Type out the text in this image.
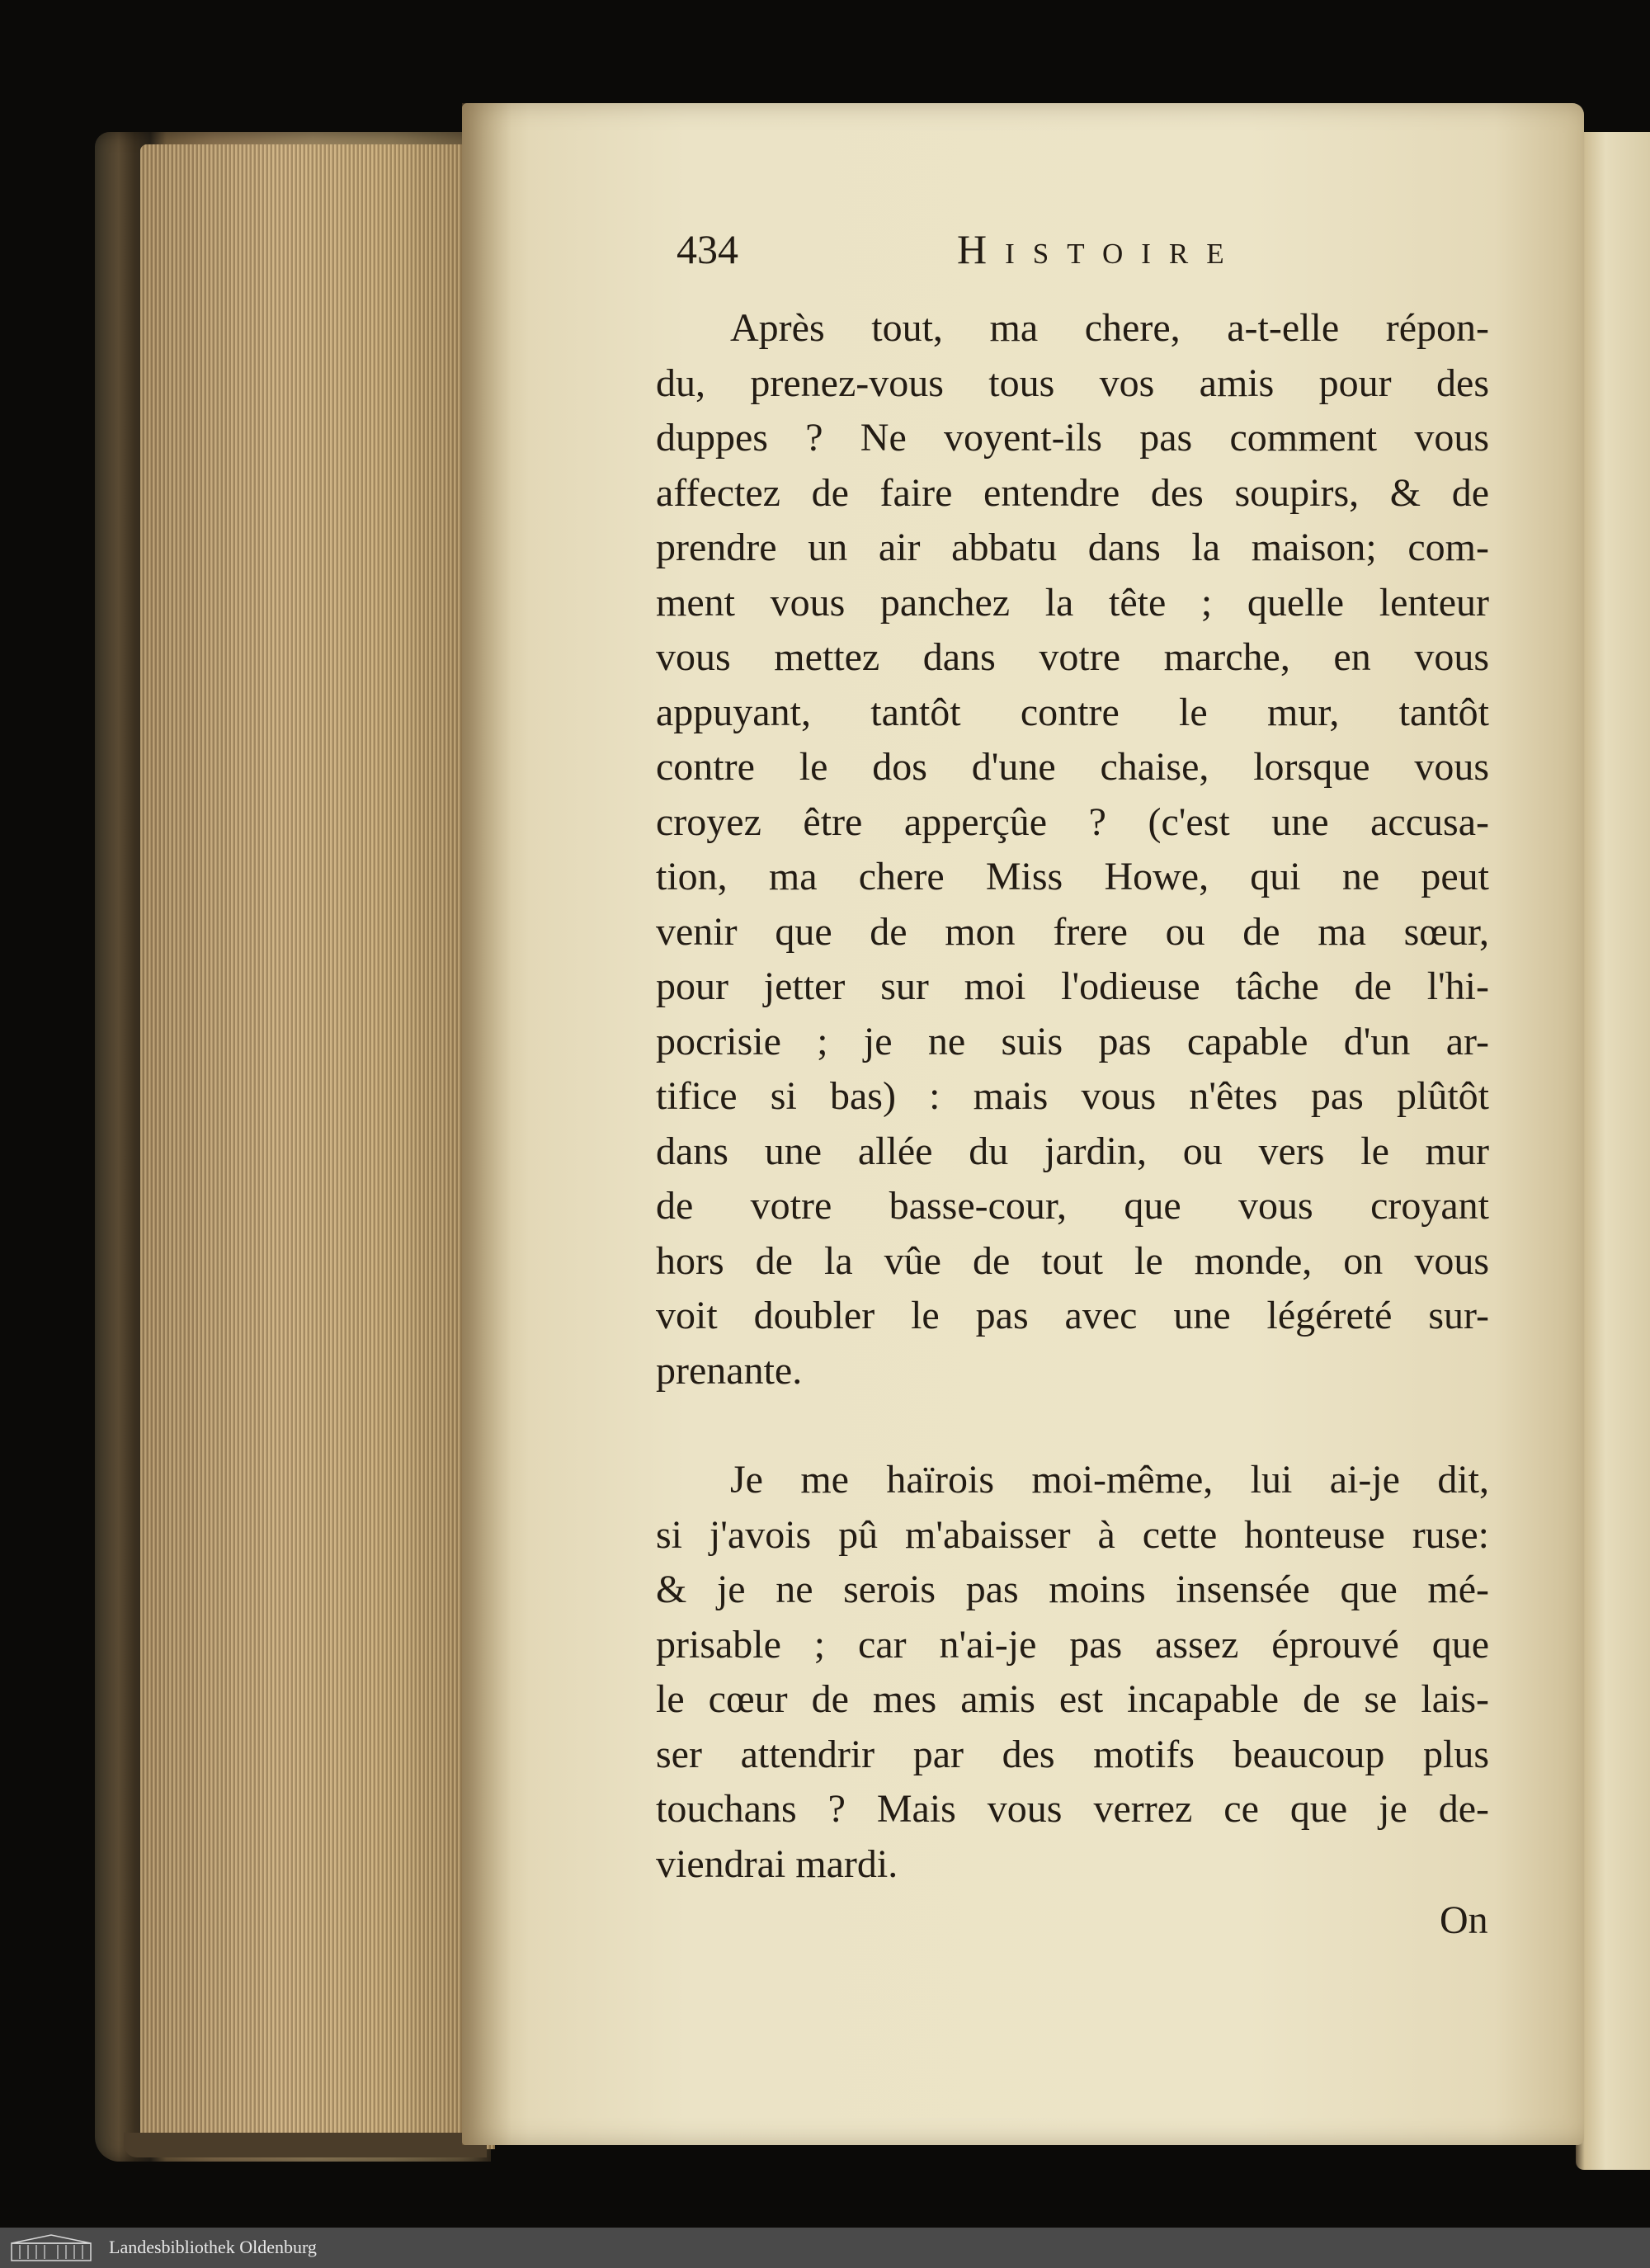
434	Histoire
Après tout, ma chere, a-t-elle répon-
du, prenez-vous tous vos amis pour des
duppes ? Ne voyent-ils pas comment vous
affectez de faire entendre des soupirs, & de
prendre un air abbatu dans la maison; com-
ment vous panchez la tête ; quelle lenteur
vous mettez dans votre marche, en vous
appuyant, tantôt contre le mur, tantôt
contre le dos d'une chaise, lorsque vous
croyez être apperçûe ? (c'est une accusa-
tion, ma chere Miss Howe, qui ne peut
venir que de mon frere ou de ma sœur,
pour jetter sur moi l'odieuse tâche de l'hi-
pocrisie ; je ne suis pas capable d'un ar-
tifice si bas) : mais vous n'êtes pas plûtôt
dans une allée du jardin, ou vers le mur
de votre basse-cour, que vous croyant
hors de la vûe de tout le monde, on vous
voit doubler le pas avec une légéreté sur-
prenante.
Je me haïrois moi-même, lui ai-je dit,
si j'avois pû m'abaisser à cette honteuse ruse:
& je ne serois pas moins insensée que mé-
prisable ; car n'ai-je pas assez éprouvé que
le cœur de mes amis est incapable de se lais-
ser attendrir par des motifs beaucoup plus
touchans ? Mais vous verrez ce que je de-
viendrai mardi.
On
Landesbibliothek Oldenburg
